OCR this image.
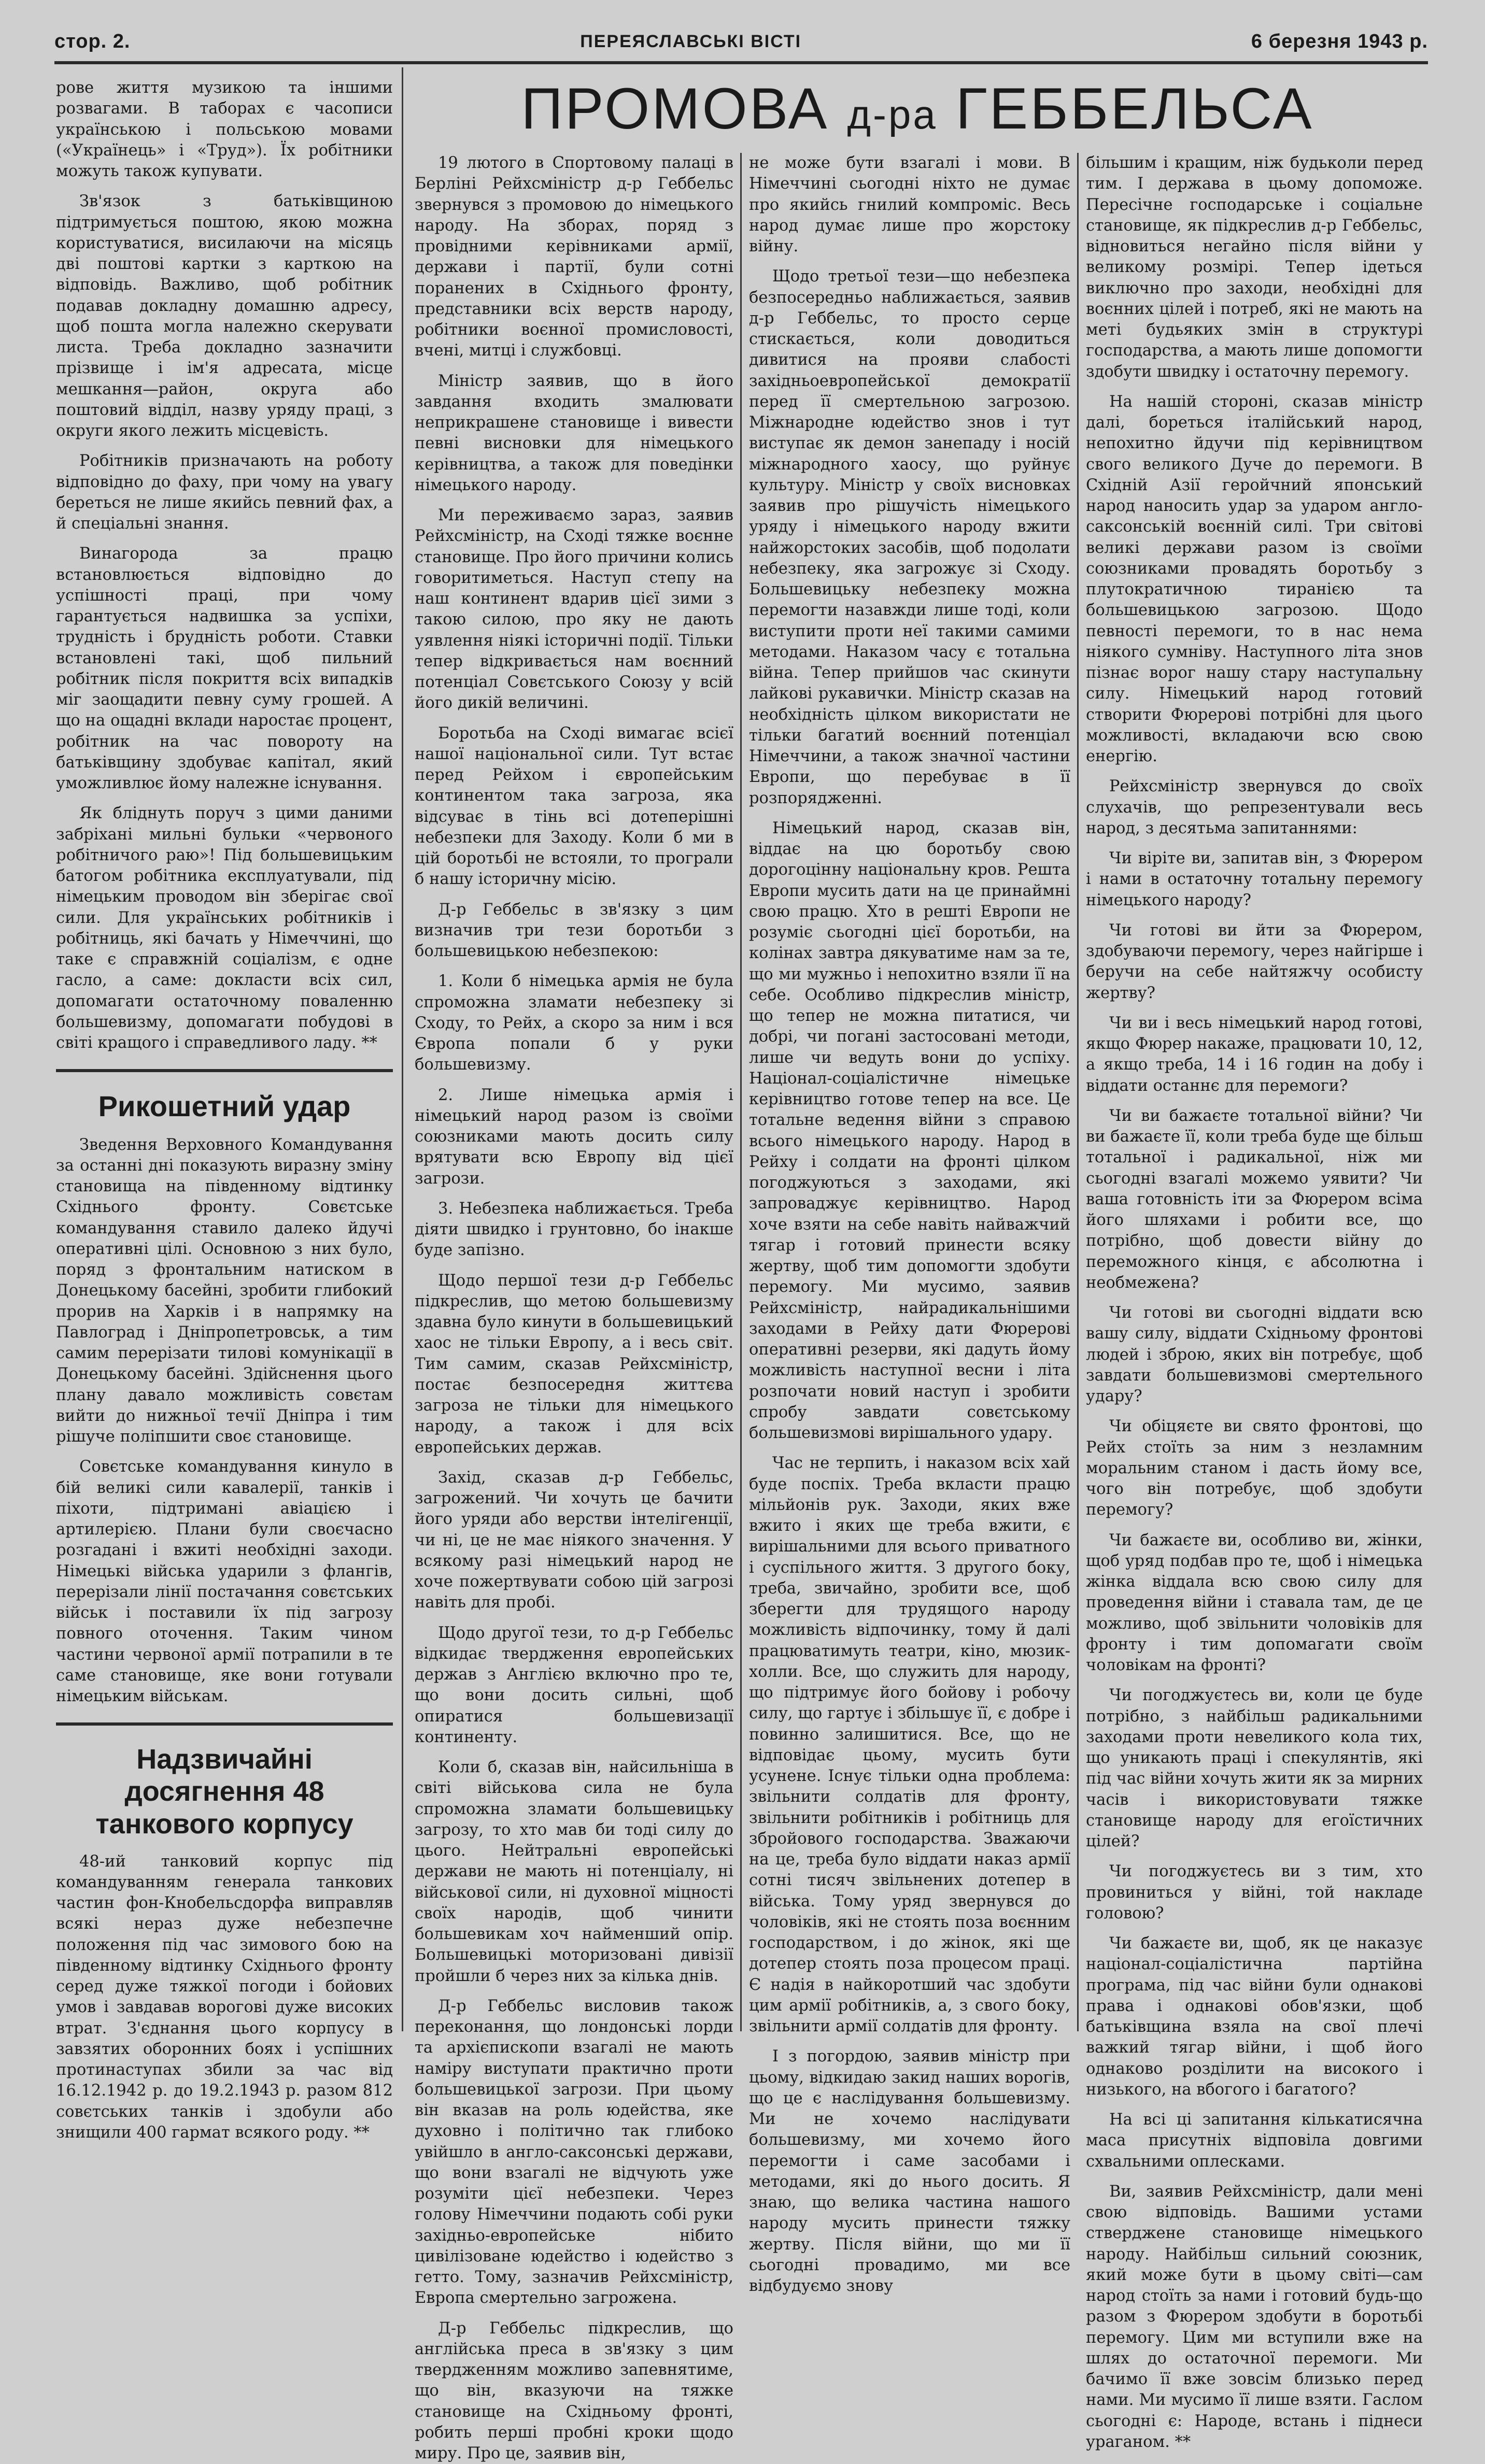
стор. 2.	ПЕРЕЯСЛАВСЬКІ ВІСТІ	6 березня 1943 р.

рове життя музикою та іншими розвагами. В таборах є часописи українською і польською мовами («Українець» і «Труд»). Їх робітники можуть також купувати.

Зв'язок з батьківщиною підтримується поштою, якою можна користуватися, висилаючи на місяць дві поштові картки з карткою на відповідь. Важливо, щоб робітник подавав докладну домашню адресу, щоб пошта могла належно скерувати листа. Треба докладно зазначити прізвище і ім'я адресата, місце мешкання—район, округа або поштовий відділ, назву уряду праці, з округи якого лежить місцевість.

Робітників призначають на роботу відповідно до фаху, при чому на увагу береться не лише якийсь певний фах, а й спеціальні знання.

Винагорода за працю встановлюється відповідно до успішності праці, при чому гарантується надвишка за успіхи, трудність і брудність роботи. Ставки встановлені такі, щоб пильний робітник після покриття всіх випадків міг заощадити певну суму грошей. А що на ощадні вклади наростає процент, робітник на час повороту на батьківщину здобуває капітал, який уможливлює йому належне існування.

Як бліднуть поруч з цими даними забріхані мильні бульки «червоного робітничого раю»! Під большевицьким батогом робітника експлуатували, під німецьким проводом він зберігає свої сили. Для українських робітників і робітниць, які бачать у Німеччині, що таке є справжній соціалізм, є одне гасло, а саме: докласти всіх сил, допомагати остаточному поваленню большевизму, допомагати побудові в світі кращого і справедливого ладу. **

Рикошетний удар

Зведення Верховного Командування за останні дні показують виразну зміну становища на південному відтинку Східнього фронту. Совєтське командування ставило далеко йдучі оперативні цілі. Основною з них було, поряд з фронтальним натиском в Донецькому басейні, зробити глибокий прорив на Харків і в напрямку на Павлоград і Дніпропетровськ, а тим самим перерізати тилові комунікації в Донецькому басейні. Здійснення цього плану давало можливість совєтам вийти до нижньої течії Дніпра і тим рішуче поліпшити своє становище.

Совєтське командування кинуло в бій великі сили кавалерії, танків і піхоти, підтримані авіацією і артилерією. Плани були своєчасно розгадані і вжиті необхідні заходи. Німецькі війська ударили з флангів, перерізали лінії постачання совєтських військ і поставили їх під загрозу повного оточення. Таким чином частини червоної армії потрапили в те саме становище, яке вони готували німецьким військам.

Надзвичайні досягнення 48 танкового корпусу

48-ий танковий корпус під командуванням генерала танкових частин фон-Кнобельсдорфа виправляв всякі нераз дуже небезпечне положення під час зимового бою на південному відтинку Східнього фронту серед дуже тяжкої погоди і бойових умов і завдавав ворогові дуже високих втрат. З'єднання цього корпусу в завзятих оборонних боях і успішних протинаступах збили за час від 16.12.1942 р. до 19.2.1943 р. разом 812 совєтських танків і здобули або знищили 400 гармат всякого роду. **

ПРОМОВА д-ра ГЕББЕЛЬСА

19 лютого в Спортовому палаці в Берліні Рейхсміністр д-р Геббельс звернувся з промовою до німецького народу. На зборах, поряд з провідними керівниками армії, держави і партії, були сотні поранених в Східнього фронту, представники всіх верств народу, робітники воєнної промисловості, вчені, митці і службовці.

Міністр заявив, що в його завдання входить змалювати неприкрашене становище і вивести певні висновки для німецького керівництва, а також для поведінки німецького народу.

Ми переживаємо зараз, заявив Рейхсміністр, на Сході тяжке воєнне становище. Про його причини колись говоритиметься. Наступ степу на наш континент вдарив цієї зими з такою силою, про яку не дають уявлення ніякі історичні події. Тільки тепер відкривається нам воєнний потенціал Совєтського Союзу у всій його дикій величині.

Боротьба на Сході вимагає всієї нашої національної сили. Тут встає перед Рейхом і європейським континентом така загроза, яка відсуває в тінь всі дотеперішні небезпеки для Заходу. Коли б ми в цій боротьбі не встояли, то програли б нашу історичну місію.

Д-р Геббельс в зв'язку з цим визначив три тези боротьби з большевицькою небезпекою:

1. Коли б німецька армія не була спроможна зламати небезпеку зі Сходу, то Рейх, а скоро за ним і вся Європа попали б у руки большевизму.

2. Лише німецька армія і німецький народ разом із своїми союзниками мають досить силу врятувати всю Европу від цієї загрози.

3. Небезпека наближається. Треба діяти швидко і грунтовно, бо інакше буде запізно.

Щодо першої тези д-р Геббельс підкреслив, що метою большевизму здавна було кинути в большевицький хаос не тільки Европу, а і весь світ. Тим самим, сказав Рейхсміністр, постає безпосередня життєва загроза не тільки для німецького народу, а також і для всіх европейських держав.

Захід, сказав д-р Геббельс, загрожений. Чи хочуть це бачити його уряди або верстви інтелігенції, чи ні, це не має ніякого значення. У всякому разі німецький народ не хоче пожертвувати собою цій загрозі навіть для пробі.

Щодо другої тези, то д-р Геббельс відкидає твердження европейських держав з Англією включно про те, що вони досить сильні, щоб опиратися большевизації континенту.

Коли б, сказав він, найсильніша в світі військова сила не була спроможна зламати большевицьку загрозу, то хто мав би тоді силу до цього. Нейтральні европейські держави не мають ні потенціалу, ні військової сили, ні духовної міцності своїх народів, щоб чинити большевикам хоч найменший опір. Большевицькі моторизовані дивізії пройшли б через них за кілька днів.

Д-р Геббельс висловив також переконання, що лондонські лорди та архієпископи взагалі не мають наміру виступати практично проти большевицької загрози. При цьому він вказав на роль юдейства, яке духовно і політично так глибоко увійшло в англо-саксонські держави, що вони взагалі не відчують уже розуміти цієї небезпеки. Через голову Німеччини подають собі руки західньо-европейське нібито цивілізоване юдейство і юдейство з гетто. Тому, зазначив Рейхсміністр, Европа смертельно загрожена.

Д-р Геббельс підкреслив, що англійська преса в зв'язку з цим твердженням можливо запевнятиме, що він, вказуючи на тяжке становище на Східньому фронті, робить перші пробні кроки щодо миру. Про це, заявив він,

не може бути взагалі і мови. В Німеччині сьогодні ніхто не думає про якийсь гнилий компроміс. Весь народ думає лише про жорстоку війну.

Щодо третьої тези—що небезпека безпосередньо наближається, заявив д-р Геббельс, то просто серце стискається, коли доводиться дивитися на прояви слабості західньоевропейської демократії перед її смертельною загрозою. Міжнародне юдейство знов і тут виступає як демон занепаду і носій міжнародного хаосу, що руйнує культуру. Міністр у своїх висновках заявив про рішучість німецького уряду і німецького народу вжити найжорстоких засобів, щоб подолати небезпеку, яка загрожує зі Сходу. Большевицьку небезпеку можна перемогти назавжди лише тоді, коли виступити проти неї такими самими методами. Наказом часу є тотальна війна. Тепер прийшов час скинути лайкові рукавички. Міністр сказав на необхідність цілком використати не тільки багатий воєнний потенціал Німеччини, а також значної частини Европи, що перебуває в її розпорядженні.

Німецький народ, сказав він, віддає на цю боротьбу свою дорогоцінну національну кров. Решта Европи мусить дати на це принаймні свою працю. Хто в решті Европи не розуміє сьогодні цієї боротьби, на колінах завтра дякуватиме нам за те, що ми мужньо і непохитно взяли її на себе. Особливо підкреслив міністр, що тепер не можна питатися, чи добрі, чи погані застосовані методи, лише чи ведуть вони до успіху. Націонал-соціалістичне німецьке керівництво готове тепер на все. Це тотальне ведення війни з справою всього німецького народу. Народ в Рейху і солдати на фронті цілком погоджуються з заходами, які запроваджує керівництво. Народ хоче взяти на себе навіть найважчий тягар і готовий принести всяку жертву, щоб тим допомогти здобути перемогу. Ми мусимо, заявив Рейхсміністр, найрадикальнішими заходами в Рейху дати Фюрерові оперативні резерви, які дадуть йому можливість наступної весни і літа розпочати новий наступ і зробити спробу завдати совєтському большевизмові вирішального удару.

Час не терпить, і наказом всіх хай буде поспіх. Треба вкласти працю мільйонів рук. Заходи, яких вже вжито і яких ще треба вжити, є вирішальними для всього приватного і суспільного життя. З другого боку, треба, звичайно, зробити все, щоб зберегти для трудящого народу можливість відпочинку, тому й далі працюватимуть театри, кіно, мюзик-холли. Все, що служить для народу, що підтримує його бойову і робочу силу, що гартує і збільшує її, є добре і повинно залишитися. Все, що не відповідає цьому, мусить бути усунене. Існує тільки одна проблема: звільнити солдатів для фронту, звільнити робітників і робітниць для збройового господарства. Зважаючи на це, треба було віддати наказ армії сотні тисяч звільнених дотепер в війська. Тому уряд звернувся до чоловіків, які не стоять поза воєнним господарством, і до жінок, які ще дотепер стоять поза процесом праці. Є надія в найкоротший час здобути цим армії робітників, а, з свого боку, звільнити армії солдатів для фронту.

І з погордою, заявив міністр при цьому, відкидаю закид наших ворогів, що це є наслідування большевизму. Ми не хочемо наслідувати большевизму, ми хочемо його перемогти і саме засобами і методами, які до нього досить. Я знаю, що велика частина нашого народу мусить принести тяжку жертву. Після війни, що ми її сьогодні провадимо, ми все відбудуємо знову

більшим і кращим, ніж будьколи перед тим. І держава в цьому допоможе. Пересічне господарське і соціальне становище, як підкреслив д-р Геббельс, відновиться негайно після війни у великому розмірі. Тепер ідеться виключно про заходи, необхідні для воєнних цілей і потреб, які не мають на меті будьяких змін в структурі господарства, а мають лише допомогти здобути швидку і остаточну перемогу.

На нашій стороні, сказав міністр далі, бореться італійський народ, непохитно йдучи під керівництвом свого великого Дуче до перемоги. В Східній Азії геройчний японський народ наносить удар за ударом англо-саксонській воєнній силі. Три світові великі держави разом із своїми союзниками провадять боротьбу з плутократичною тиранією та большевицькою загрозою. Щодо певності перемоги, то в нас нема ніякого сумніву. Наступного літа знов пізнає ворог нашу стару наступальну силу. Німецький народ готовий створити Фюрерові потрібні для цього можливості, вкладаючи всю свою енергію.

Рейхсміністр звернувся до своїх слухачів, що репрезентували весь народ, з десятьма запитаннями:

Чи віріте ви, запитав він, з Фюрером і нами в остаточну тотальну перемогу німецького народу?

Чи готові ви йти за Фюрером, здобуваючи перемогу, через найгірше і беручи на себе найтяжчу особисту жертву?

Чи ви і весь німецький народ готові, якщо Фюрер накаже, працювати 10, 12, а якщо треба, 14 і 16 годин на добу і віддати останнє для перемоги?

Чи ви бажаєте тотальної війни? Чи ви бажаєте її, коли треба буде ще більш тотальної і радикальної, ніж ми сьогодні взагалі можемо уявити? Чи ваша готовність іти за Фюрером всіма його шляхами і робити все, що потрібно, щоб довести війну до переможного кінця, є абсолютна і необмежена?

Чи готові ви сьогодні віддати всю вашу силу, віддати Східньому фронтові людей і зброю, яких він потребує, щоб завдати большевизмові смертельного удару?

Чи обіцяєте ви свято фронтові, що Рейх стоїть за ним з незламним моральним станом і дасть йому все, чого він потребує, щоб здобути перемогу?

Чи бажаєте ви, особливо ви, жінки, щоб уряд подбав про те, щоб і німецька жінка віддала всю свою силу для проведення війни і ставала там, де це можливо, щоб звільнити чоловіків для фронту і тим допомагати своїм чоловікам на фронті?

Чи погоджуєтесь ви, коли це буде потрібно, з найбільш радикальними заходами проти невеликого кола тих, що уникають праці і спекулянтів, які під час війни хочуть жити як за мирних часів і використовувати тяжке становище народу для егоїстичних цілей?

Чи погоджуєтесь ви з тим, хто провиниться у війні, той накладе головою?

Чи бажаєте ви, щоб, як це наказує націонал-соціалістична партійна програма, під час війни були однакові права і однакові обов'язки, щоб батьківщина взяла на свої плечі важкий тягар війни, і щоб його однаково розділити на високого і низького, на вбогого і багатого?

На всі ці запитання кількатисячна маса присутніх відповіла довгими схвальними оплесками.

Ви, заявив Рейхсміністр, дали мені свою відповідь. Вашими устами стверджене становище німецького народу. Найбільш сильний союзник, який може бути в цьому світі—сам народ стоїть за нами і готовий будь-що разом з Фюрером здобути в боротьбі перемогу. Цим ми вступили вже на шлях до остаточної перемоги. Ми бачимо її вже зовсім близько перед нами. Ми мусимо її лише взяти. Гаслом сьогодні є: Народе, встань і піднеси ураганом. **
